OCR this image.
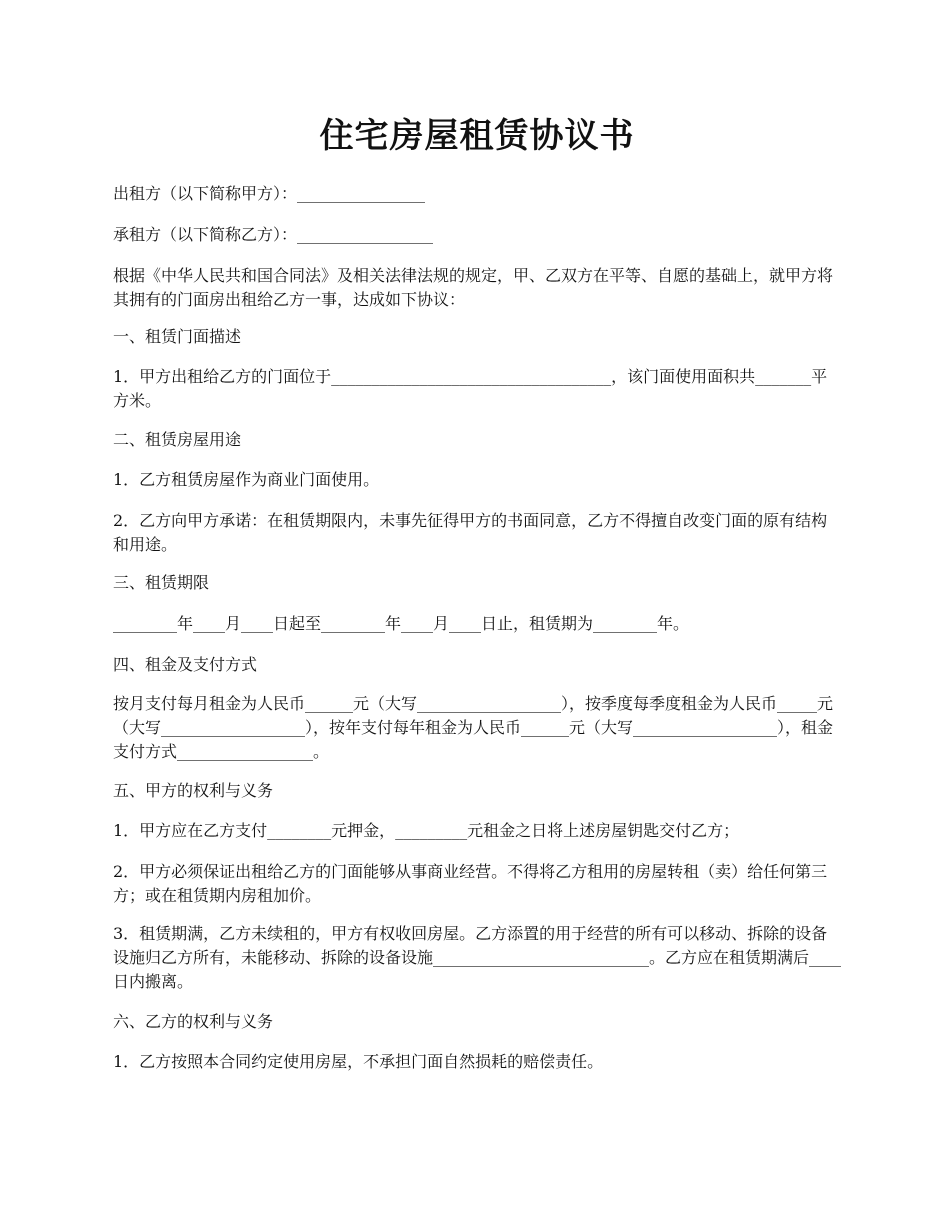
住宅房屋租赁协议书

出租方（以下简称甲方）：________________

承租方（以下简称乙方）：_________________

根据《中华人民共和国合同法》及相关法律法规的规定，甲、乙双方在平等、自愿的基础上，就甲方将其拥有的门面房出租给乙方一事，达成如下协议：

一、租赁门面描述

1．甲方出租给乙方的门面位于___________________________________，该门面使用面积共_______平方米。

二、租赁房屋用途

1．乙方租赁房屋作为商业门面使用。

2．乙方向甲方承诺：在租赁期限内，未事先征得甲方的书面同意，乙方不得擅自改变门面的原有结构和用途。

三、租赁期限

________年____月____日起至________年____月____日止，租赁期为________年。

四、租金及支付方式

按月支付每月租金为人民币______元（大写__________________），按季度每季度租金为人民币_____元（大写__________________），按年支付每年租金为人民币______元（大写__________________），租金支付方式_________________。

五、甲方的权利与义务

1．甲方应在乙方支付________元押金，_________元租金之日将上述房屋钥匙交付乙方；

2．甲方必须保证出租给乙方的门面能够从事商业经营。不得将乙方租用的房屋转租（卖）给任何第三方；或在租赁期内房租加价。

3．租赁期满，乙方未续租的，甲方有权收回房屋。乙方添置的用于经营的所有可以移动、拆除的设备设施归乙方所有，未能移动、拆除的设备设施___________________________。乙方应在租赁期满后____日内搬离。

六、乙方的权利与义务

1．乙方按照本合同约定使用房屋，不承担门面自然损耗的赔偿责任。
